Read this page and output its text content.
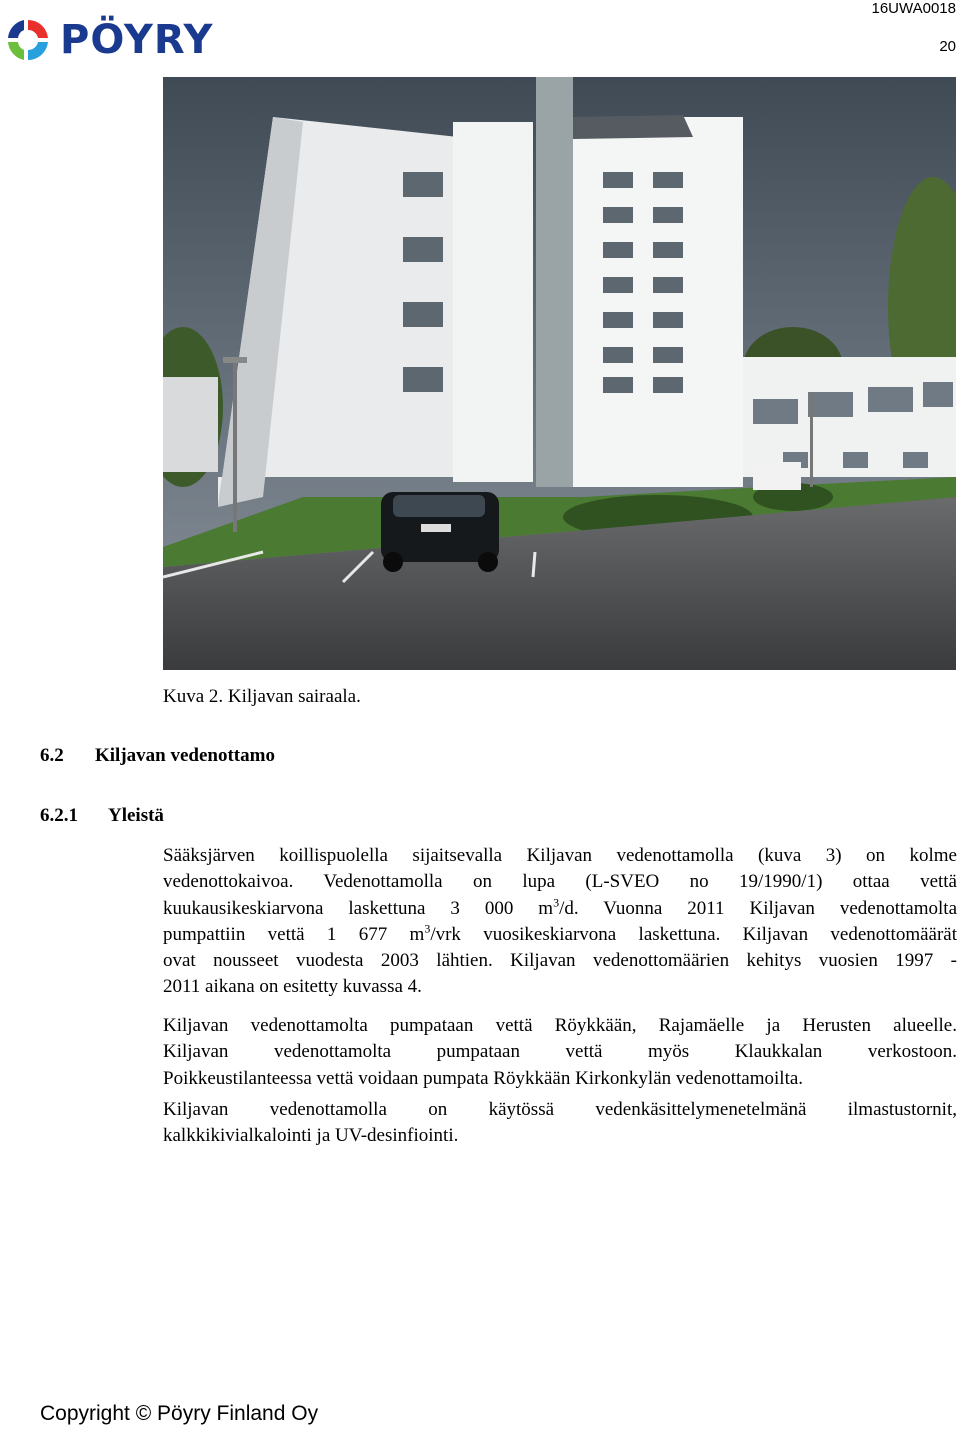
PÖYRY
16UWA0018
20
Kuva 2. Kiljavan sairaala.
6.2 Kiljavan vedenottamo
6.2.1 Yleistä
Sääksjärven koillispuolella sijaitsevalla Kiljavan vedenottamolla (kuva 3) on kolme
vedenottokaivoa. Vedenottamolla on lupa (L-SVEO no 19/1990/1) ottaa vettä
kuukausikeskiarvona laskettuna 3 000 $m^3/d$. Vuonna 2011 Kiljavan vedenottamolta
pumpattiin vettä 1 677 $m^3$/vrk vuosikeskiarvona laskettuna. Kiljavan vedenottomäärät
ovat nousseet vuodesta 2003 lähtien. Kiljavan vedenottomäärien kehitys vuosien 1997 -
2011 aikana on esitetty kuvassa 4.
Kiljavan vedenottamolta pumpataan vettä Röykkään, Rajamäelle ja Herusten alueelle.
Kiljavan vedenottamolta pumpataan vettä myös Klaukkalan verkostoon.
Poikkeustilanteessa vettä voidaan pumpata Röykkään Kirkonkylän vedenottamoilta.
Kiljavan vedenottamolla on käytössä vedenkäsittelymenetelmänä ilmastustornit,
kalkkikivialkalointi ja UV-desinfiointi.
Copyright © Pöyry Finland Oy
